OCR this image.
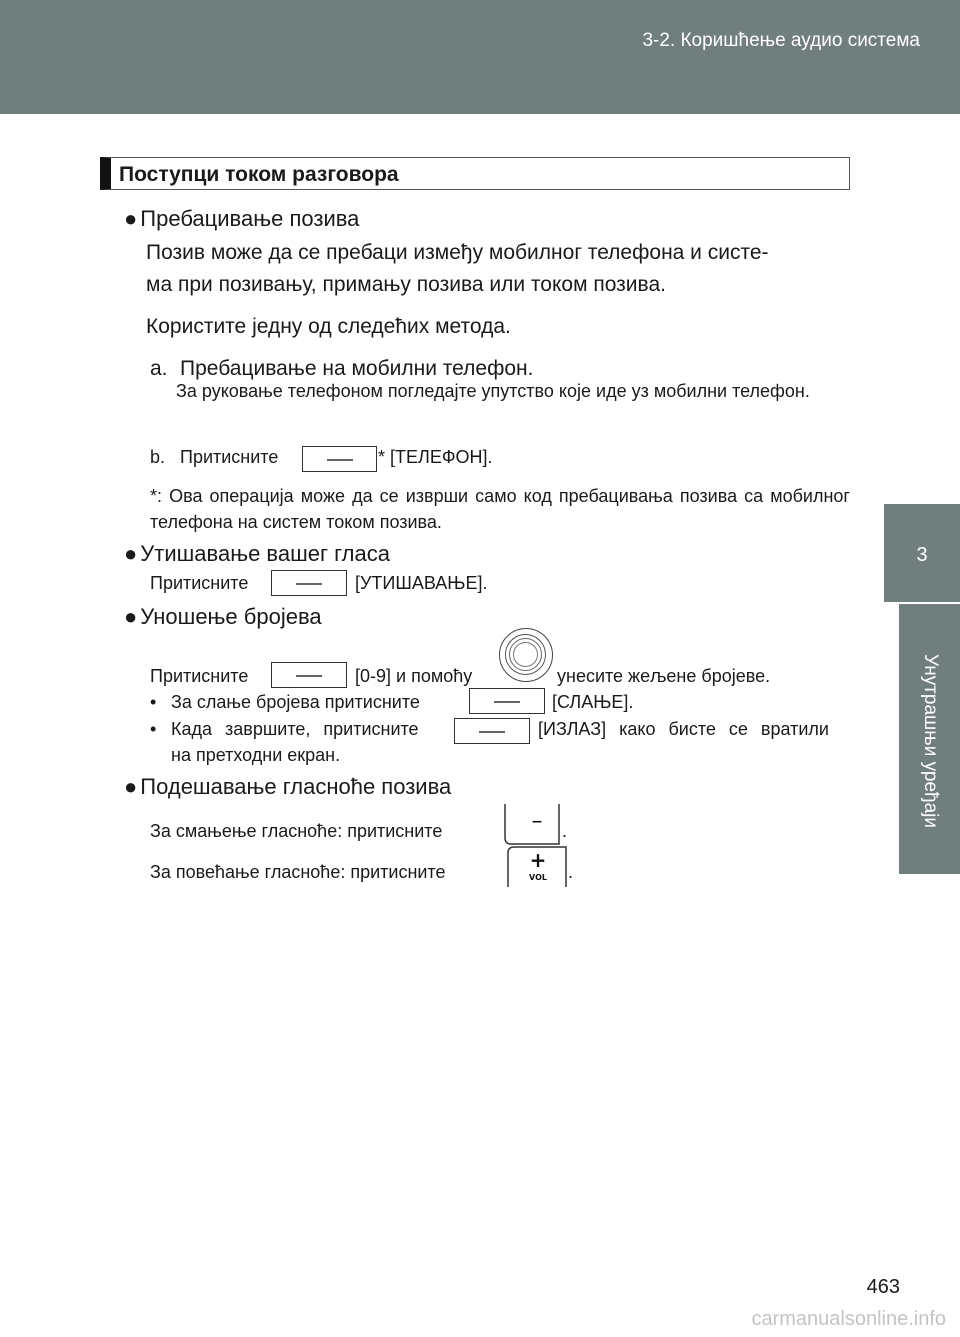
3-2. Коришћење аудио система
3
Унутрашњи уређаји
Поступци током разговора
● Пребацивање позива
Позив може да се пребаци између мобилног телефона и систе-
ма при позивању, примању позива или током позива.
Користите једну од следећих метода.
a. Пребацивање на мобилни телефон.
За руковање телефоном погледајте упутство које иде уз мобилни телефон.
b. Притисните	* [ТЕЛЕФОН].
*: Ова операција може да се изврши само код пребацивања позива са мобилног телефона на систем током позива.
● Утишавање вашег гласа
Притисните	[УТИШАВАЊЕ].
● Уношење бројева
Притисните	[0-9] и помоћу	унесите жељене бројеве.
• За слање бројева притисните	[СЛАЊЕ].
• Када завршите, притисните	[ИЗЛАЗ] како бисте се вратили
на претходни екран.
● Подешавање гласноће позива
За смањење гласноће: притисните	– .
За повећање гласноће: притисните	+
VOL .
463
carmanualsonline.info
